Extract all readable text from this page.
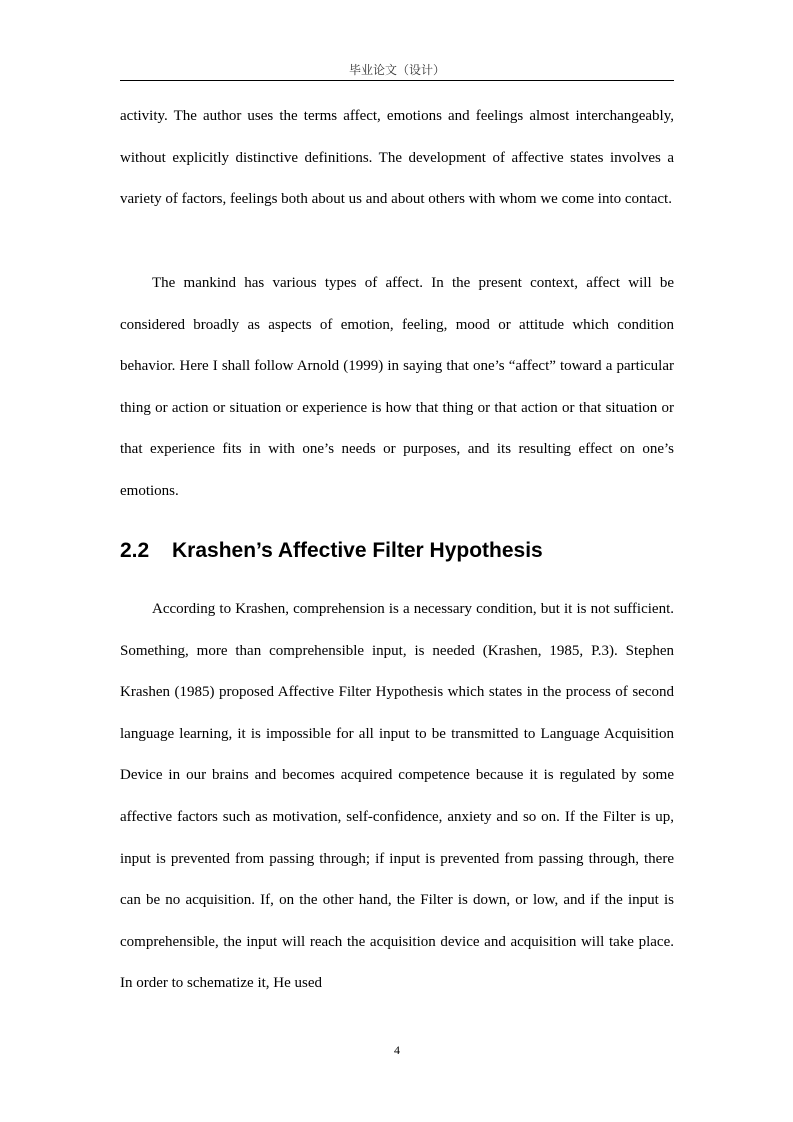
毕业论文（设计）

activity. The author uses the terms affect, emotions and feelings almost interchangeably, without explicitly distinctive definitions. The development of affective states involves a variety of factors, feelings both about us and about others with whom we come into contact.

The mankind has various types of affect. In the present context, affect will be considered broadly as aspects of emotion, feeling, mood or attitude which condition behavior. Here I shall follow Arnold (1999) in saying that one’s “affect” toward a particular thing or action or situation or experience is how that thing or that action or that situation or that experience fits in with one’s needs or purposes, and its resulting effect on one’s emotions.

2.2 Krashen’s Affective Filter Hypothesis

According to Krashen, comprehension is a necessary condition, but it is not sufficient. Something, more than comprehensible input, is needed (Krashen, 1985, P.3). Stephen Krashen (1985) proposed Affective Filter Hypothesis which states in the process of second language learning, it is impossible for all input to be transmitted to Language Acquisition Device in our brains and becomes acquired competence because it is regulated by some affective factors such as motivation, self-confidence, anxiety and so on. If the Filter is up, input is prevented from passing through; if input is prevented from passing through, there can be no acquisition. If, on the other hand, the Filter is down, or low, and if the input is comprehensible, the input will reach the acquisition device and acquisition will take place. In order to schematize it, He used

4
